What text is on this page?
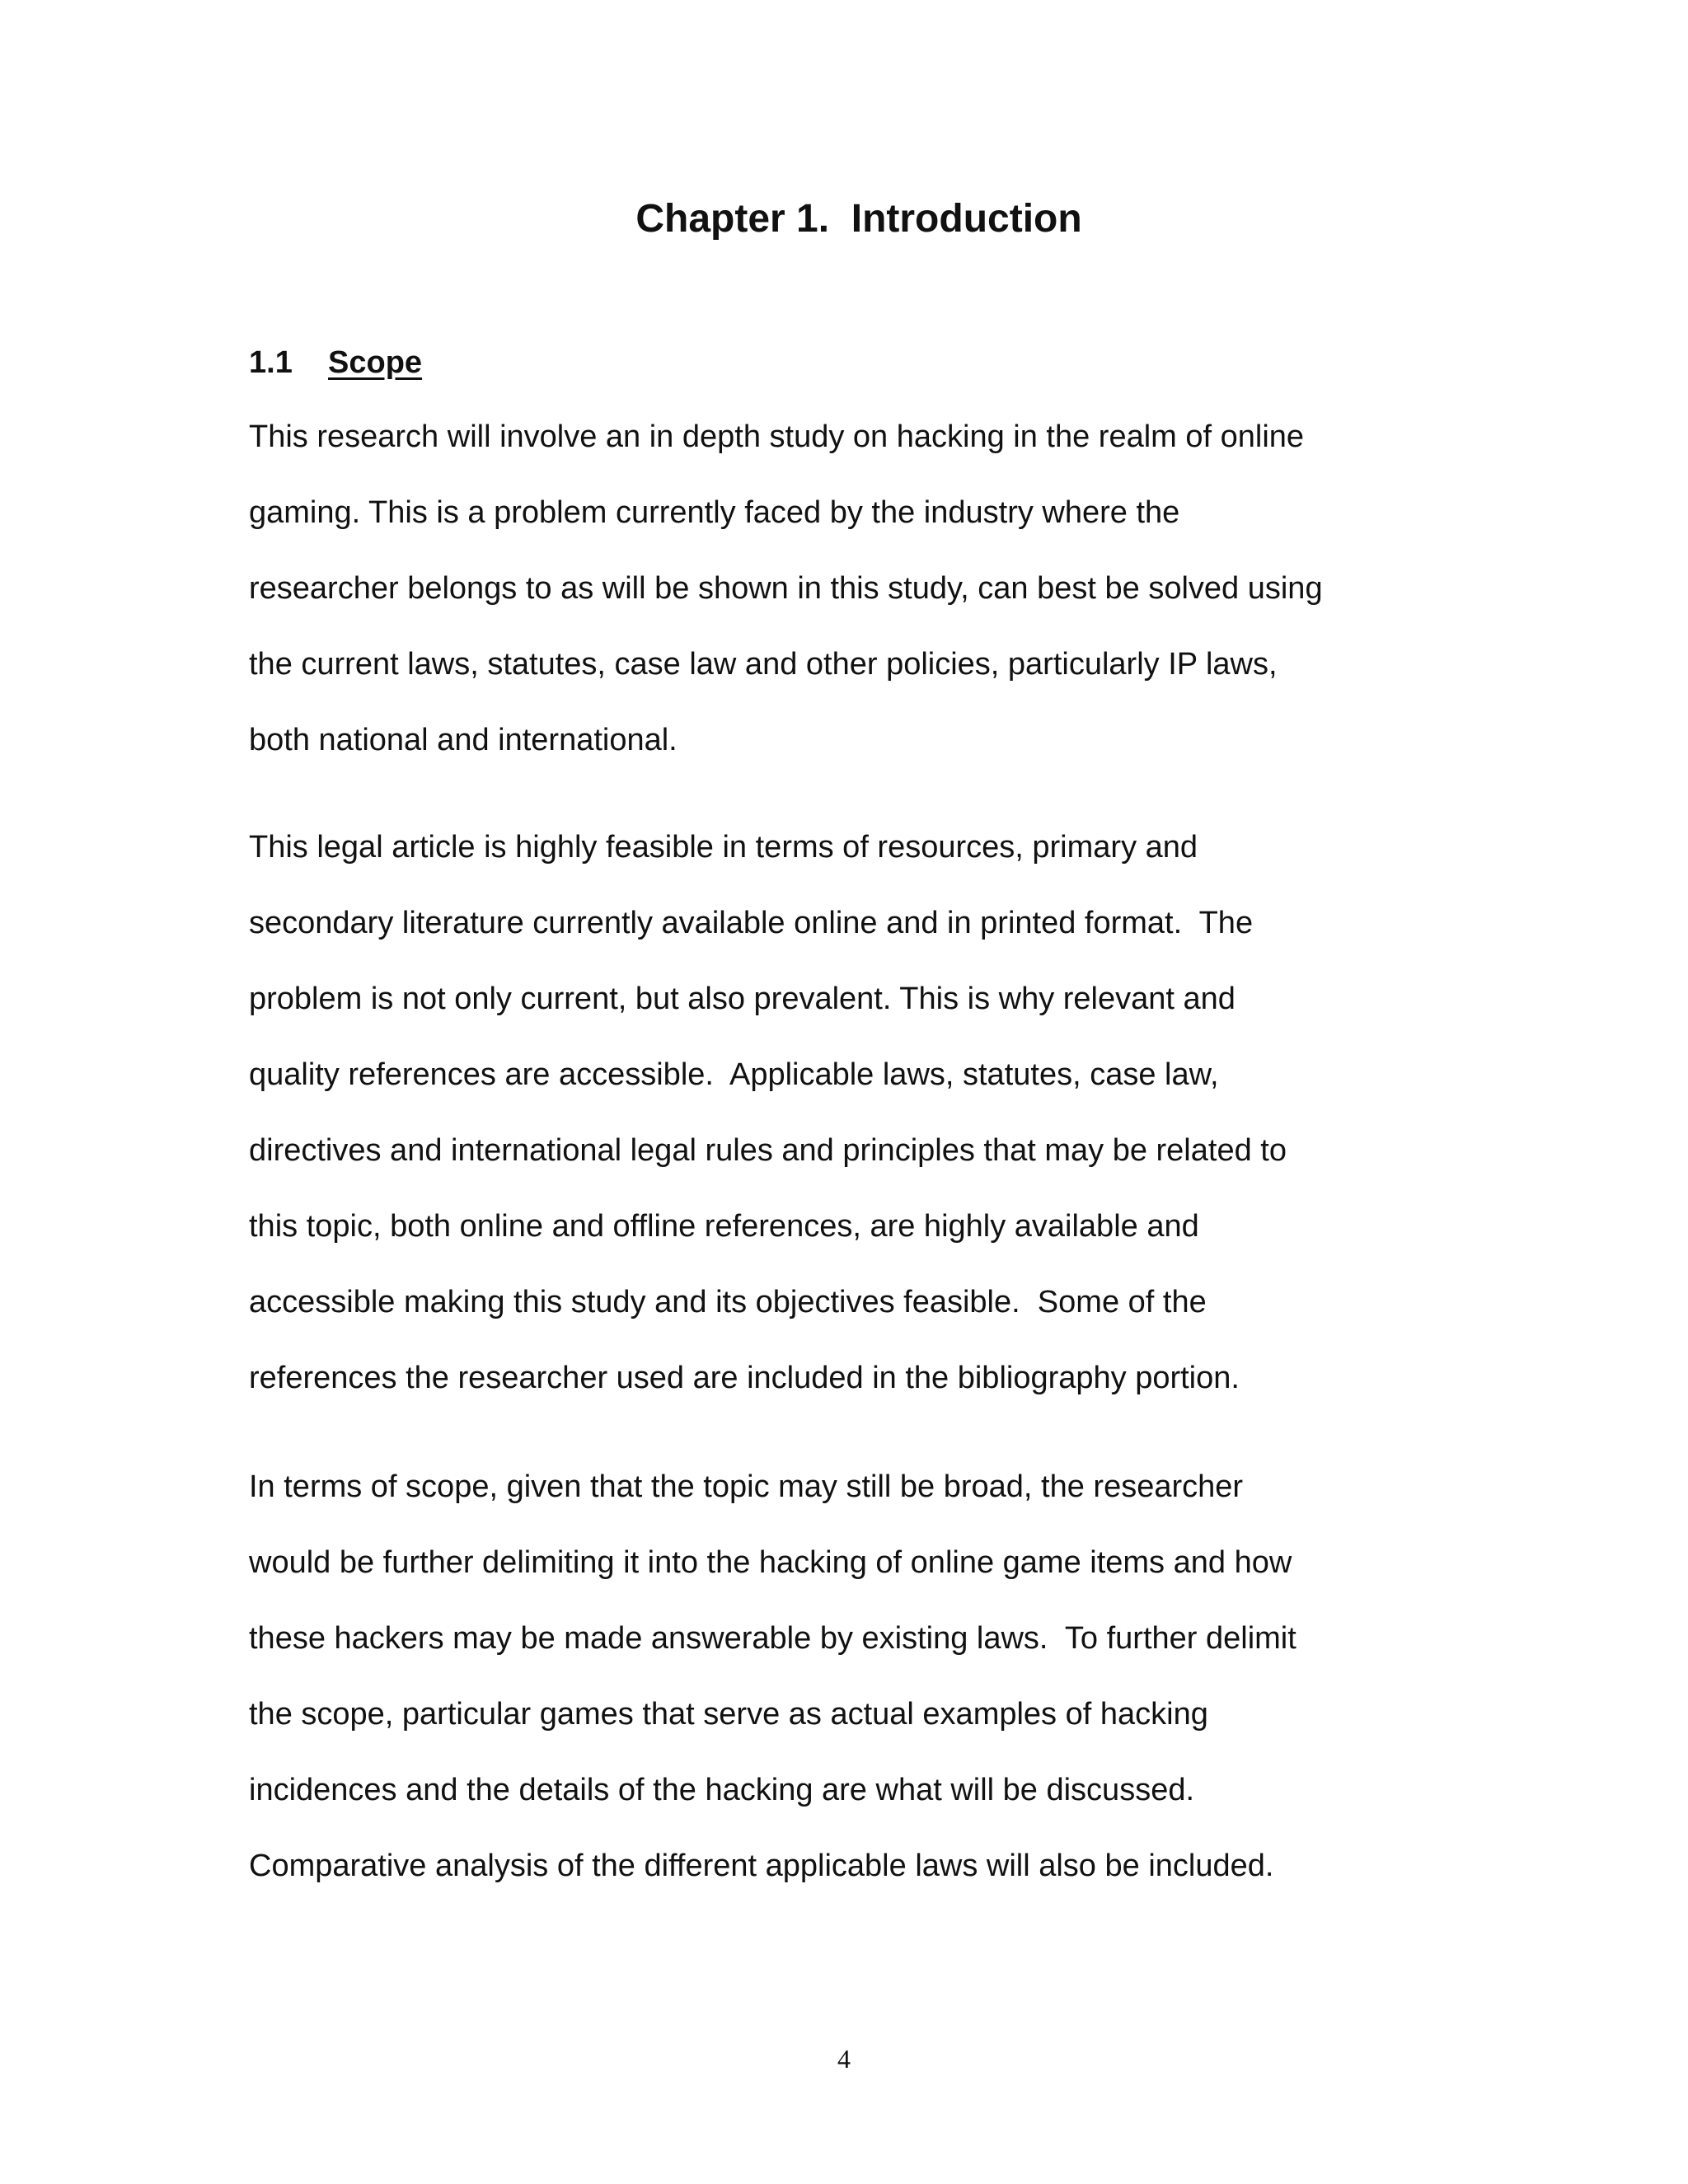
Chapter 1.  Introduction
1.1 Scope

This research will involve an in depth study on hacking in the realm of online
gaming. This is a problem currently faced by the industry where the
researcher belongs to as will be shown in this study, can best be solved using
the current laws, statutes, case law and other policies, particularly IP laws,
both national and international.

This legal article is highly feasible in terms of resources, primary and
secondary literature currently available online and in printed format.  The
problem is not only current, but also prevalent. This is why relevant and
quality references are accessible.  Applicable laws, statutes, case law,
directives and international legal rules and principles that may be related to
this topic, both online and offline references, are highly available and
accessible making this study and its objectives feasible.  Some of the
references the researcher used are included in the bibliography portion.

In terms of scope, given that the topic may still be broad, the researcher
would be further delimiting it into the hacking of online game items and how
these hackers may be made answerable by existing laws.  To further delimit
the scope, particular games that serve as actual examples of hacking
incidences and the details of the hacking are what will be discussed.
Comparative analysis of the different applicable laws will also be included.

4
